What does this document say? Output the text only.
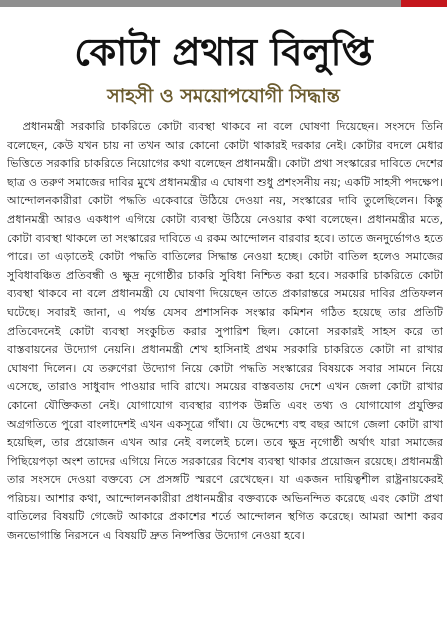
কোটা প্রথার বিলুপ্তি
সাহসী ও সময়োপযোগী সিদ্ধান্ত

প্রধানমন্ত্রী সরকারি চাকরিতে কোটা ব্যবস্থা থাকবে না বলে ঘোষণা দিয়েছেন। সংসদে তিনি বলেছেন, কেউ যখন চায় না তখন আর কোনো কোটা থাকারই দরকার নেই। কোটার বদলে মেধার ভিত্তিতে সরকারি চাকরিতে নিয়োগের কথা বলেছেন প্রধানমন্ত্রী। কোটা প্রথা সংস্কারের দাবিতে দেশের ছাত্র ও তরুণ সমাজের দাবির মুখে প্রধানমন্ত্রীর এ ঘোষণা শুধু প্রশংসনীয় নয়; একটি সাহসী পদক্ষেপ। আন্দোলনকারীরা কোটা পদ্ধতি একেবারে উঠিয়ে দেওয়া নয়, সংস্কারের দাবি তুলেছিলেন। কিন্তু প্রধানমন্ত্রী আরও একধাপ এগিয়ে কোটা ব্যবস্থা উঠিয়ে নেওয়ার কথা বলেছেন। প্রধানমন্ত্রীর মতে, কোটা ব্যবস্থা থাকলে তা সংস্কারের দাবিতে এ রকম আন্দোলন বারবার হবে। তাতে জনদুর্ভোগও হতে পারে। তা এড়াতেই কোটা পদ্ধতি বাতিলের সিদ্ধান্ত নেওয়া হচ্ছে। কোটা বাতিল হলেও সমাজের সুবিধাবঞ্চিত প্রতিবন্ধী ও ক্ষুদ্র নৃগোষ্ঠীর চাকরি সুবিধা নিশ্চিত করা হবে। সরকারি চাকরিতে কোটা ব্যবস্থা থাকবে না বলে প্রধানমন্ত্রী যে ঘোষণা দিয়েছেন তাতে প্রকারান্তরে সময়ের দাবির প্রতিফলন ঘটেছে। সবারই জানা, এ পর্যন্ত যেসব প্রশাসনিক সংস্কার কমিশন গঠিত হয়েছে তার প্রতিটি প্রতিবেদনেই কোটা ব্যবস্থা সংকুচিত করার সুপারিশ ছিল। কোনো সরকারই সাহস করে তা বাস্তবায়নের উদ্যোগ নেয়নি। প্রধানমন্ত্রী শেখ হাসিনাই প্রথম সরকারি চাকরিতে কোটা না রাখার ঘোষণা দিলেন। যে তরুণেরা উদ্যোগ নিয়ে কোটা পদ্ধতি সংস্কারের বিষয়কে সবার সামনে নিয়ে এসেছে, তারাও সাধুবাদ পাওয়ার দাবি রাখে। সময়ের বাস্তবতায় দেশে এখন জেলা কোটা রাখার কোনো যৌক্তিকতা নেই। যোগাযোগ ব্যবস্থার ব্যাপক উন্নতি এবং তথ্য ও যোগাযোগ প্রযুক্তির অগ্রগতিতে পুরো বাংলাদেশই এখন একসূত্রে গাঁথা। যে উদ্দেশ্যে বহু বছর আগে জেলা কোটা রাখা হয়েছিল, তার প্রয়োজন এখন আর নেই বললেই চলে। তবে ক্ষুদ্র নৃগোষ্ঠী অর্থাৎ যারা সমাজের পিছিয়েপড়া অংশ তাদের এগিয়ে নিতে সরকারের বিশেষ ব্যবস্থা থাকার প্রয়োজন রয়েছে। প্রধানমন্ত্রী তার সংসদে দেওয়া বক্তব্যে সে প্রসঙ্গটি স্মরণে রেখেছেন। যা একজন দায়িত্বশীল রাষ্ট্রনায়কেরই পরিচয়। আশার কথা, আন্দোলনকারীরা প্রধানমন্ত্রীর বক্তব্যকে অভিনন্দিত করেছে এবং কোটা প্রথা বাতিলের বিষয়টি গেজেট আকারে প্রকাশের শর্তে আন্দোলন স্থগিত করেছে। আমরা আশা করব জনভোগান্তি নিরসনে এ বিষয়টি দ্রুত নিষ্পত্তির উদ্যোগ নেওয়া হবে।
